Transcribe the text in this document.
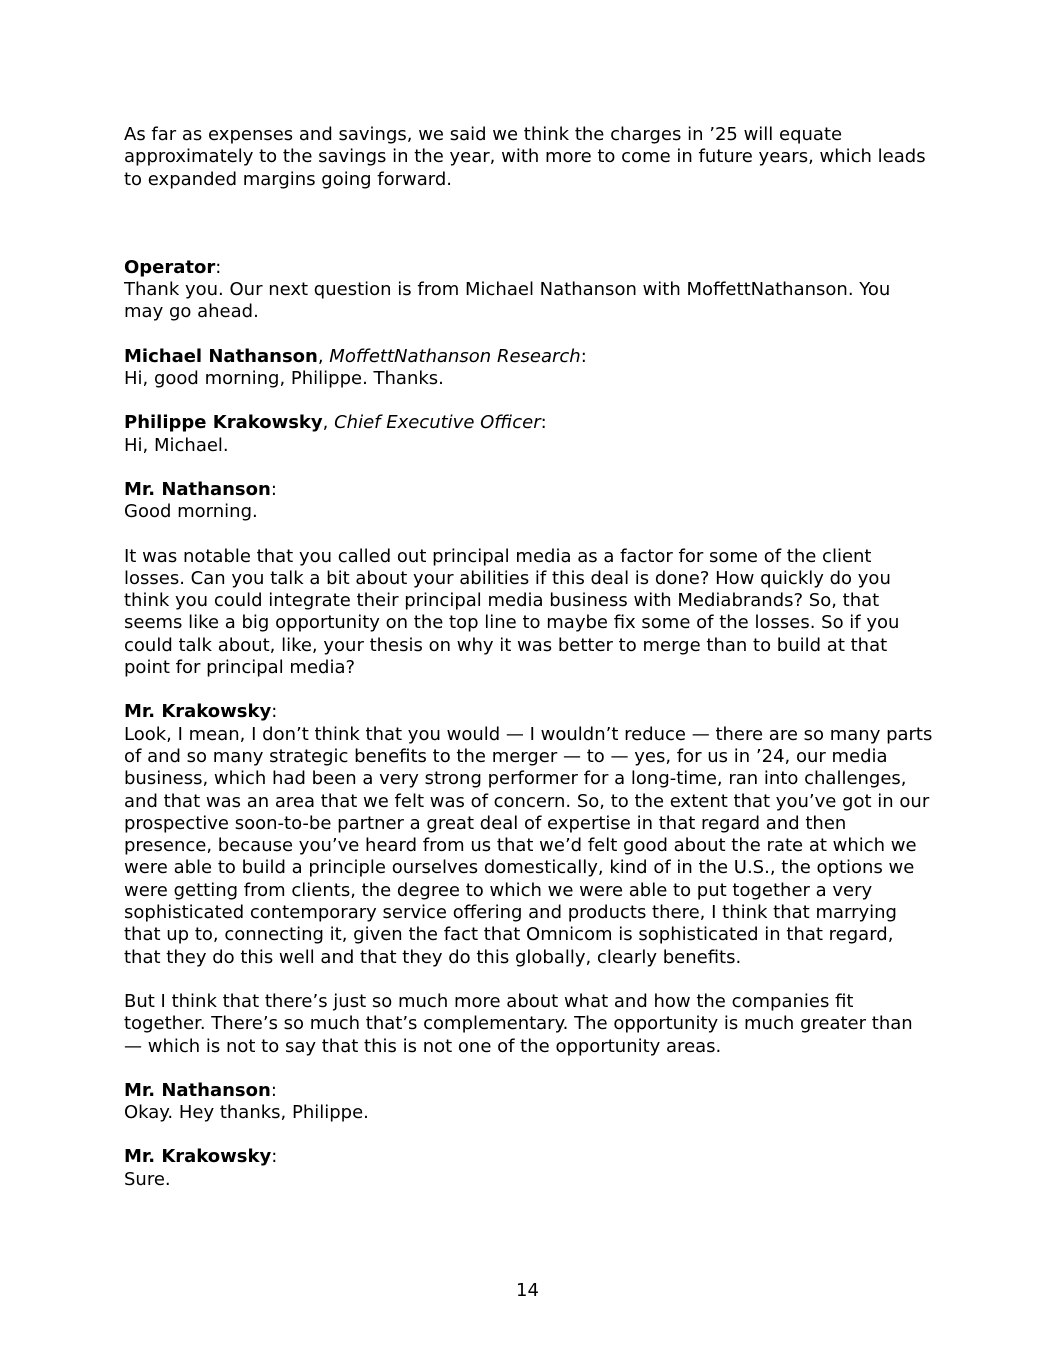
As far as expenses and savings, we said we think the charges in ’25 will equate approximately to the savings in the year, with more to come in future years, which leads to expanded margins going forward.

Operator:

Thank you. Our next question is from Michael Nathanson with MoffettNathanson. You may go ahead.

Michael Nathanson, MoffettNathanson Research:

Hi, good morning, Philippe. Thanks.

Philippe Krakowsky, Chief Executive Officer:

Hi, Michael.

Mr. Nathanson:

Good morning.

It was notable that you called out principal media as a factor for some of the client losses. Can you talk a bit about your abilities if this deal is done? How quickly do you think you could integrate their principal media business with Mediabrands? So, that seems like a big opportunity on the top line to maybe fix some of the losses. So if you could talk about, like, your thesis on why it was better to merge than to build at that point for principal media?

Mr. Krakowsky:

Look, I mean, I don’t think that you would — I wouldn’t reduce — there are so many parts of and so many strategic benefits to the merger — to — yes, for us in ’24, our media business, which had been a very strong performer for a long-time, ran into challenges, and that was an area that we felt was of concern. So, to the extent that you’ve got in our prospective soon-to-be partner a great deal of expertise in that regard and then presence, because you’ve heard from us that we’d felt good about the rate at which we were able to build a principle ourselves domestically, kind of in the U.S., the options we were getting from clients, the degree to which we were able to put together a very sophisticated contemporary service offering and products there, I think that marrying that up to, connecting it, given the fact that Omnicom is sophisticated in that regard, that they do this well and that they do this globally, clearly benefits.

But I think that there’s just so much more about what and how the companies fit together. There’s so much that’s complementary. The opportunity is much greater than — which is not to say that this is not one of the opportunity areas.

Mr. Nathanson:

Okay. Hey thanks, Philippe.

Mr. Krakowsky:

Sure.

14
